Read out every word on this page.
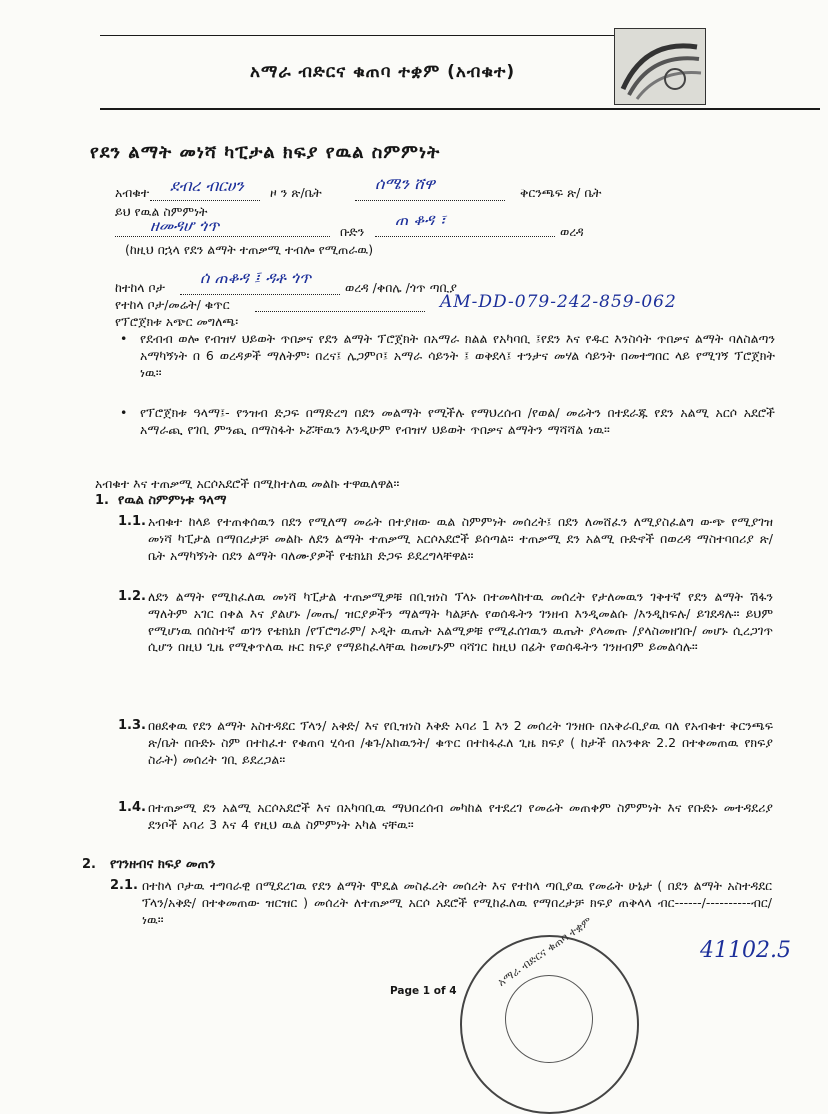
አማራ ብድርና ቁጠባ ተቋም (አብቁተ)
የደን ልማት መነሻ ካፒታል ክፍያ የዉል ስምምነት
አብቁተ ደብረ ብርሀን ዞ ን ጽ/ቤት	ሰሜን ሸዋ	ቅርንጫፍ ጽ/ ቤት
ይህ የዉል ስምምነት
ዘመዳሆ ጎጥ	ቡድን
ጠ ቆዳ ፣
ወረዳ
(ከዚህ በኋላ የደን ልማት ተጠቃሚ ተብሎ የሚጠራዉ)
ከተከላ ቦታ
ሰ ጠቆዳ ፤ ዳቶ ጎጥ
ወረዳ /ቀበሌ /ጎጥ ጣቢያ
የተከላ ቦታ/መሬት/ ቁጥር	AM-DD-079-242-859-062
የፕሮጀክቱ አጭር መግለጫ፡
• የደብብ ወሎ የብዝሃ ህይወት ጥበቃና የደን ልማት ፕሮጀክት በአማራ ክልል የአካባቢ ፤የደን እና የዱር እንስሳት ጥበቃና ልማት ባለስልጣን አማካኝነት በ 6 ወረዳዎች ማለትም፡ በረና፤ ሌጋምቦ፤ አማራ ሳይንት ፤ ወቅደላ፤ ተንታና መሃል ሳይንት በመተግበር ላይ የሚገኝ ፕሮጀክት ነዉ።
• የፕሮጀክቱ ዓላማ፤- የንዝብ ድጋፍ በማድረግ በደን መልማት የሚችሉ የማህረሰብ /የወል/ መሬትን በተደራጁ የደን አልሚ አርሶ አደሮች አማራጪ የገቢ ምንጪ በማስፋት ኑሯቸዉን እንዲሁም የብዝሃ ህይወት ጥበቃና ልማትን ማሻሻል ነዉ።
አብቁተ እና ተጠቃሚ አርሶአደሮች በሚከተለዉ መልኩ ተዋዉለዋል።
1. የዉል ስምምነቱ ዓላማ
1.1. አብቁተ ከላይ የተጠቀሰዉን በደን የሚለማ መሬት በተያዘው ዉል ስምምነት መሰረት፤ በደን ለመሸፈን ለሚያስፈልግ ውጭ የሚያገዝ መነሻ ካፒታል በማበረታቻ መልኩ ለደን ልማት ተጠቃሚ አርሶአደሮች ይሰጣል። ተጠቃሚ ደን አልሚ ቡድኖች በወረዳ ማስተባበሪያ ጽ/ ቤት አማካኝነት በደን ልማት ባለሙያዎች የቴክኒክ ድጋፍ ይደረግላቸዋል።
1.2. ለደን ልማት የሚከፈለዉ መነሻ ካፒታል ተጠቃሚዎቹ በቢዝነስ ፕላኑ በተመላከተዉ መሰረት የታለመዉን ገቅተኛ የደን ልማት ሽፋን ማለትም አገር በቀል እና ያልሆኑ /መጤ/ ዝርያዎችን ማልማት ካልቻሉ የወሰዱትን ገንዘብ እንዲመልሱ /እንዲከፍሉ/ ይገደዳሉ። ይህም የሚሆነዉ በሰስተኛ ወገን የቴክኒክ /የፕሮግራም/ ኦዲት ዉጤት አልሚዎቹ የሚፈሰገዉን ዉጤት ያላመጡ /ያላስመዘገቡ/ መሆኑ ሲረጋገጥ ሲሆን በዚህ ጊዜ የሚቀጥለዉ ዙር ክፍያ የማይከፈላቸዉ ከመሆኑም ባሻገር ከዚህ በፊት የወሰዱትን ገንዘብም ይመልሳሉ።
1.3. በፀደቀዉ የደን ልማት አስተዳደር ፕላን/ አቅድ/ እና የቢዝነስ እቅድ አባሪ 1 እን 2 መሰረት ገንዘቡ በአቅራቢያዉ ባለ የአብቁተ ቅርንጫፍ ጽ/ቤት በቡድኑ ስም በተከፈተ የቁጠባ ሂሳብ /ቁጉ/አከዉንት/ ቁጥር በተከፋፈለ ጊዜ ክፍያ ( ከታች በአንቀጽ 2.2 በተቀመጠዉ የክፍያ ስራት) መሰረት ገቢ ይደረጋል።
1.4. በተጠቃሚ ደን አልሚ አርሶአደሮች እና በአካባቢዉ ማህበረሰብ መካከል የተደረገ የመሬት መጠቀም ስምምነት እና የቡድኑ መተዳደሪያ ደንቦች አባሪ 3 እና 4 የዚህ ዉል ስምምነት አካል ናቸዉ።
2. የገንዘብና ክፍያ መጠን
2.1. በተከላ ቦታዉ ተግባራዊ በሚደረገዉ የደን ልማት ሞዴል መስፈረት መሰረት እና የተከላ ጣቢያዉ የመሬት ሁኔታ ( በደን ልማት አስተዳደር ፕላን/አቅድ/ በተቀመጠው ዝርዝር ) መሰረት ለተጠቃሚ አርሶ አደሮች የሚከፈለዉ የማበረታቻ ክፍያ ጠቅላላ ብር------/----------ብር/ ነዉ።
41102.5
አማራ ብድርና ቁጠባ ተቋም
Page 1 of 4
